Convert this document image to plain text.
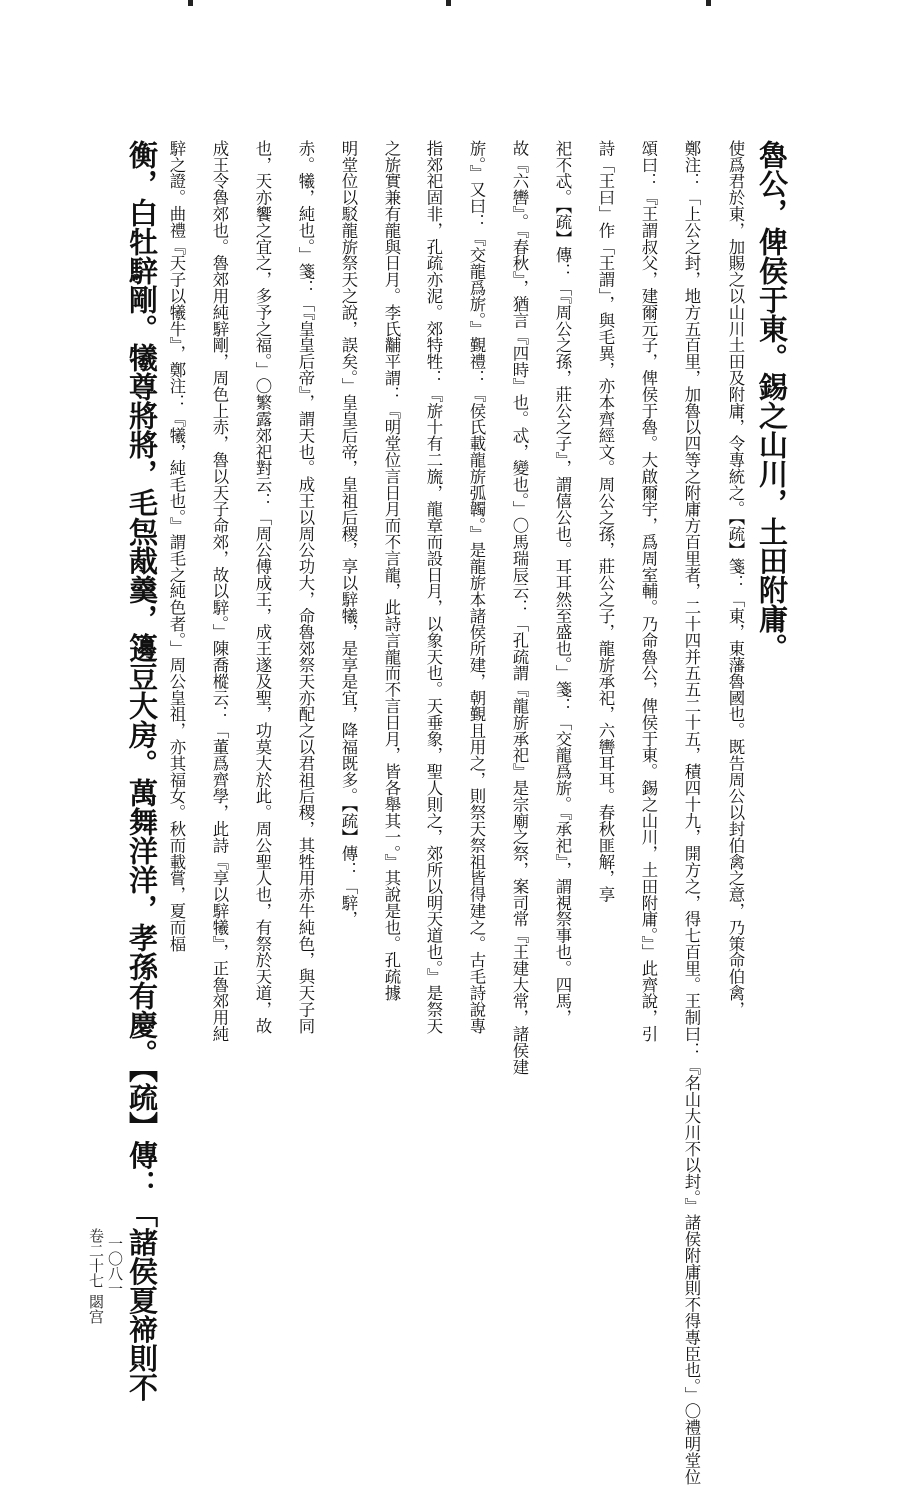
魯公，俾侯于東。錫之山川，土田附庸。
使爲君於東，加賜之以山川土田及附庸，令專統之。【疏】箋：「東，東藩魯國也。既告周公以封伯禽之意，乃策命伯禽，
鄭注：「上公之封，地方五百里，加魯以四等之附庸方百里者，二十四并五五二十五，積四十九，開方之，得七百里。王制曰：『名山大川不以封。』諸侯附庸則不得專臣也。」〇禮明堂位
頌曰：『王謂叔父，建爾元子，俾侯于魯。大啟爾宇，爲周室輔。乃命魯公，俾侯于東。錫之山川，土田附庸。』」此齊說，引
詩「王曰」作「王謂」，與毛異，亦本齊經文。周公之孫，莊公之子，龍旂承祀，六轡耳耳。春秋匪解，享
祀不忒。【疏】傳：「『周公之孫，莊公之子』，謂僖公也。耳耳然至盛也。」箋：「交龍爲旂。『承祀』，謂視祭事也。四馬，
故『六轡』。『春秋』，猶言『四時』也。忒，變也。」〇馬瑞辰云：「孔疏謂『龍旂承祀』是宗廟之祭，案司常『王建大常，諸侯建
旂。』又曰：『交龍爲旂。』覲禮：『侯氏載龍旂弧韣。』是龍旂本諸侯所建，朝覲且用之，則祭天祭祖皆得建之。古毛詩說專
指郊祀固非，孔疏亦泥。郊特牲：『旂十有二旒，龍章而設日月，以象天也。天垂象，聖人則之，郊所以明天道也。』是祭天
之旂實兼有龍與日月。李氏黼平謂：『明堂位言日月而不言龍，此詩言龍而不言日月，皆各舉其一。』其說是也。孔疏據
明堂位以駁龍旂祭天之說，誤矣。」皇皇后帝，皇祖后稷，享以騂犧，是享是宜，降福既多。【疏】傳：「騂，
赤。犧，純也。」箋：「『皇皇后帝』，謂天也。成王以周公功大，命魯郊祭天亦配之以君祖后稷，其牲用赤牛純色，與天子同
也，天亦饗之宜之，多予之福。」〇繁露郊祀對云：「周公傅成王，成王遂及聖，功莫大於此。周公聖人也，有祭於天道，故
成王令魯郊也。魯郊用純騂剛，周色上赤，魯以天子命郊，故以騂。」陳喬樅云：「董爲齊學，此詩『享以騂犧』，正魯郊用純
騂之證。曲禮『天子以犧牛』，鄭注：『犧，純毛也。』謂毛之純色者。」周公皇祖，亦其福女。秋而載嘗，夏而楅
衡，白牡騂剛。犧尊將將，毛炰胾羹，籩豆大房。萬舞洋洋，孝孫有慶。【疏】傳：「諸侯夏禘則不
卷二十七
閟宫
一〇八一
